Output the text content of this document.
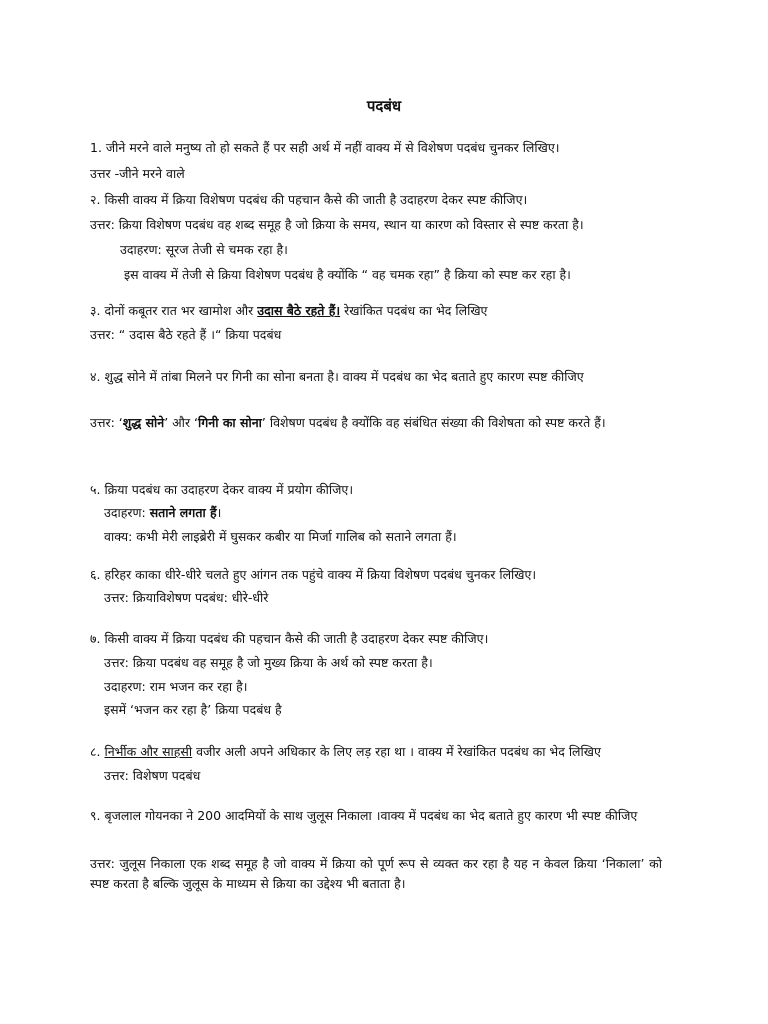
पदबंध
1. जीने मरने वाले मनुष्य तो हो सकते हैं पर सही अर्थ में नहीं वाक्य में से विशेषण पदबंध चुनकर लिखिए।
उत्तर -जीने मरने वाले
२. किसी वाक्य में क्रिया विशेषण पदबंध की पहचान कैसे की जाती है उदाहरण देकर स्पष्ट कीजिए।
उत्तर: क्रिया विशेषण पदबंध वह शब्द समूह है जो क्रिया के समय, स्थान या कारण को विस्तार से स्पष्ट करता है।
उदाहरण: सूरज तेजी से चमक रहा है।
इस वाक्य में तेजी से क्रिया विशेषण पदबंध है क्योंकि “ वह चमक रहा” है क्रिया को स्पष्ट कर रहा है।
३. दोनों कबूतर रात भर खामोश और उदास बैठे रहते हैं। रेखांकित पदबंध का भेद लिखिए
उत्तर: “ उदास बैठे रहते हैं ।“ क्रिया पदबंध
४. शुद्ध सोने में तांबा मिलने पर गिनी का सोना बनता है। वाक्य में पदबंध का भेद बताते हुए कारण स्पष्ट कीजिए
उत्तर: ‘शुद्ध सोने’ और ‘गिनी का सोना’ विशेषण पदबंध है क्योंकि वह संबंधित संख्या की विशेषता को स्पष्ट करते हैं।
५. क्रिया पदबंध का उदाहरण देकर वाक्य में प्रयोग कीजिए।
उदाहरण: सताने लगता हैं।
वाक्य: कभी मेरी लाइब्रेरी में घुसकर कबीर या मिर्जा गालिब को सताने लगता हैं।
६. हरिहर काका धीरे-धीरे चलते हुए आंगन तक पहुंचे वाक्य में क्रिया विशेषण पदबंध चुनकर लिखिए।
उत्तर: क्रियाविशेषण पदबंध: धीरे-धीरे
७. किसी वाक्य में क्रिया पदबंध की पहचान कैसे की जाती है उदाहरण देकर स्पष्ट कीजिए।
उत्तर: क्रिया पदबंध वह समूह है जो मुख्य क्रिया के अर्थ को स्पष्ट करता है।
उदाहरण: राम भजन कर रहा है।
इसमें ‘भजन कर रहा है’ क्रिया पदबंध है
८. निर्भीक और साहसी वजीर अली अपने अधिकार के लिए लड़ रहा था । वाक्य में रेखांकित पदबंध का भेद लिखिए
उत्तर: विशेषण पदबंध
९. बृजलाल गोयनका ने 200 आदमियों के साथ जुलूस निकाला ।वाक्य में पदबंध का भेद बताते हुए कारण भी स्पष्ट कीजिए
उत्तर: जुलूस निकाला एक शब्द समूह है जो वाक्य में क्रिया को पूर्ण रूप से व्यक्त कर रहा है यह न केवल क्रिया ‘निकाला’ को स्पष्ट करता है बल्कि जुलूस के माध्यम से क्रिया का उद्देश्य भी बताता है।
